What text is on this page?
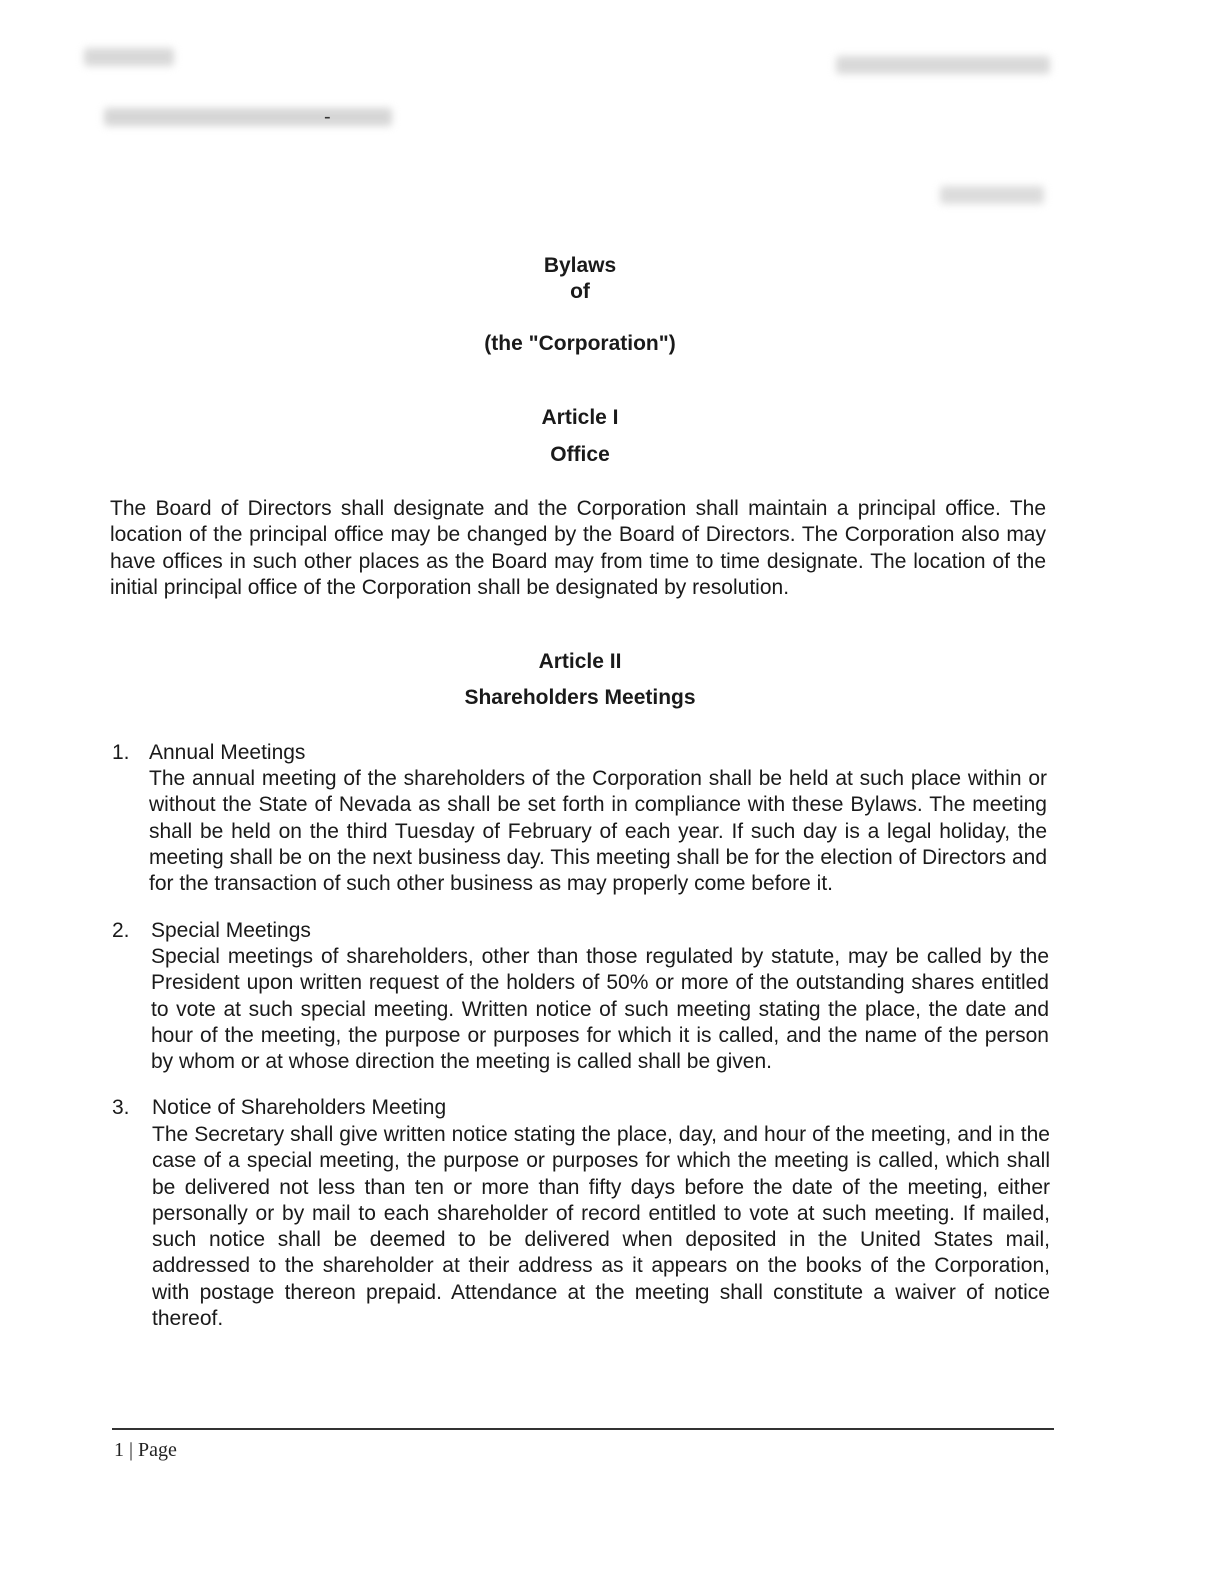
-
Bylaws
of
(the "Corporation")
Article I
Office
The Board of Directors shall designate and the Corporation shall maintain a principal office. The location of the principal office may be changed by the Board of Directors. The Corporation also may have offices in such other places as the Board may from time to time designate. The location of the initial principal office of the Corporation shall be designated by resolution.
Article II
Shareholders Meetings
1. Annual Meetings
The annual meeting of the shareholders of the Corporation shall be held at such place within or without the State of Nevada as shall be set forth in compliance with these Bylaws. The meeting shall be held on the third Tuesday of February of each year. If such day is a legal holiday, the meeting shall be on the next business day. This meeting shall be for the election of Directors and for the transaction of such other business as may properly come before it.
2. Special Meetings
Special meetings of shareholders, other than those regulated by statute, may be called by the President upon written request of the holders of 50% or more of the outstanding shares entitled to vote at such special meeting. Written notice of such meeting stating the place, the date and hour of the meeting, the purpose or purposes for which it is called, and the name of the person by whom or at whose direction the meeting is called shall be given.
3. Notice of Shareholders Meeting
The Secretary shall give written notice stating the place, day, and hour of the meeting, and in the case of a special meeting, the purpose or purposes for which the meeting is called, which shall be delivered not less than ten or more than fifty days before the date of the meeting, either personally or by mail to each shareholder of record entitled to vote at such meeting. If mailed, such notice shall be deemed to be delivered when deposited in the United States mail, addressed to the shareholder at their address as it appears on the books of the Corporation, with postage thereon prepaid. Attendance at the meeting shall constitute a waiver of notice thereof.
1 | Page
